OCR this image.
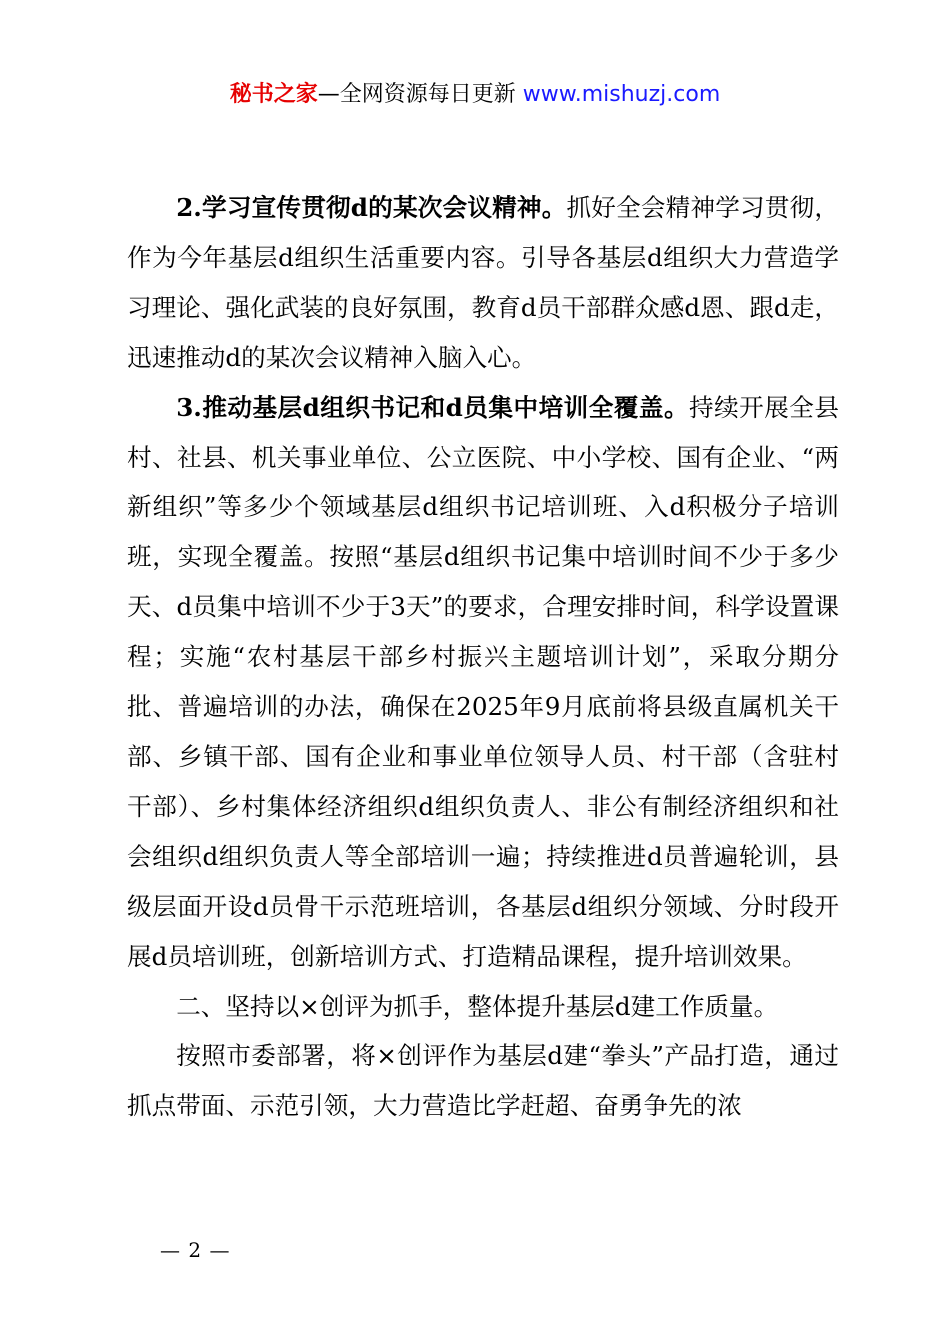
秘书之家—全网资源每日更新 www.mishuzj.com

2.学习宣传贯彻d的某次会议精神。抓好全会精神学习贯彻，作为今年基层d组织生活重要内容。引导各基层d组织大力营造学习理论、强化武装的良好氛围，教育d员干部群众感d恩、跟d走，迅速推动d的某次会议精神入脑入心。

3.推动基层d组织书记和d员集中培训全覆盖。持续开展全县村、社县、机关事业单位、公立医院、中小学校、国有企业、“两新组织”等多少个领域基层d组织书记培训班、入d积极分子培训班，实现全覆盖。按照“基层d组织书记集中培训时间不少于多少天、d员集中培训不少于3天”的要求，合理安排时间，科学设置课程；实施“农村基层干部乡村振兴主题培训计划”，采取分期分批、普遍培训的办法，确保在2025年9月底前将县级直属机关干部、乡镇干部、国有企业和事业单位领导人员、村干部（含驻村干部）、乡村集体经济组织d组织负责人、非公有制经济组织和社会组织d组织负责人等全部培训一遍；持续推进d员普遍轮训，县级层面开设d员骨干示范班培训，各基层d组织分领域、分时段开展d员培训班，创新培训方式、打造精品课程，提升培训效果。

二、坚持以×创评为抓手，整体提升基层d建工作质量。

按照市委部署，将×创评作为基层d建“拳头”产品打造，通过抓点带面、示范引领，大力营造比学赶超、奋勇争先的浓

— 2 —
